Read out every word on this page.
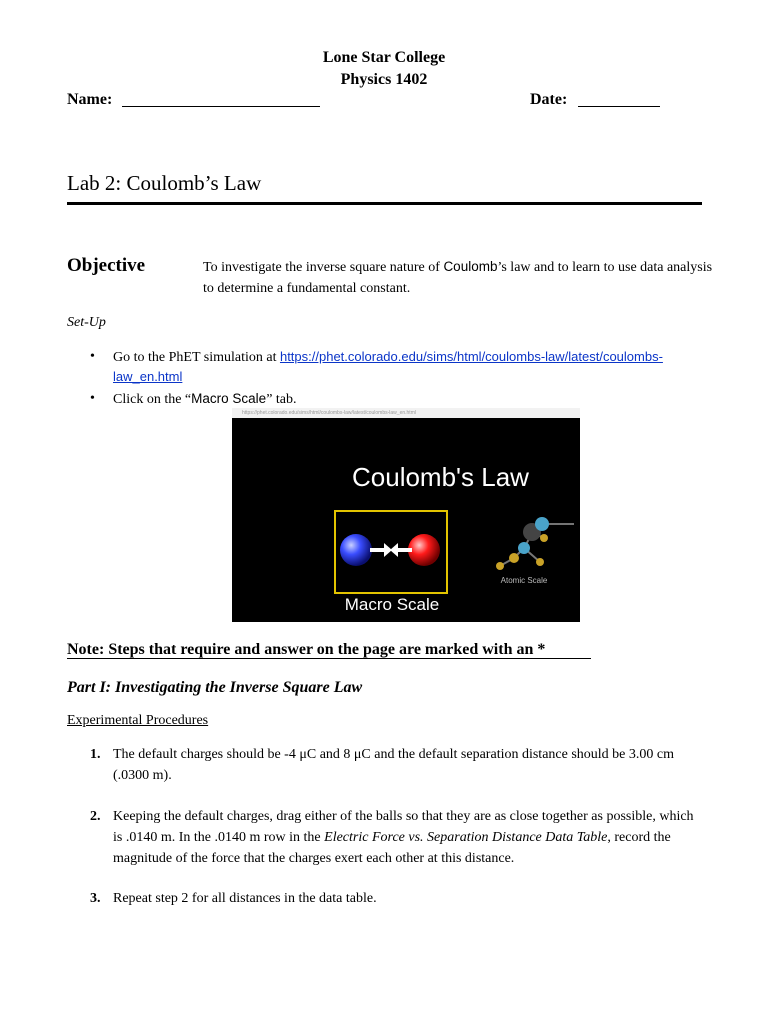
Lone Star College
Physics 1402
Name:	Date:
Lab 2: Coulomb’s Law
Objective	To investigate the inverse square nature of Coulomb’s law and to learn to use data analysis to determine a fundamental constant.
Set-Up
• Go to the PhET simulation at https://phet.colorado.edu/sims/html/coulombs-law/latest/coulombs-law_en.html
• Click on the “Macro Scale” tab.
https://phet.colorado.edu/sims/html/coulombs-law/latest/coulombs-law_en.html
Coulomb's Law
Macro Scale
Atomic Scale
Note: Steps that require and answer on the page are marked with an *
Part I: Investigating the Inverse Square Law
Experimental Procedures
1. The default charges should be -4 μC and 8 μC and the default separation distance should be 3.00 cm (.0300 m).
2. Keeping the default charges, drag either of the balls so that they are as close together as possible, which is .0140 m. In the .0140 m row in the Electric Force vs. Separation Distance Data Table, record the magnitude of the force that the charges exert each other at this distance.
3. Repeat step 2 for all distances in the data table.
